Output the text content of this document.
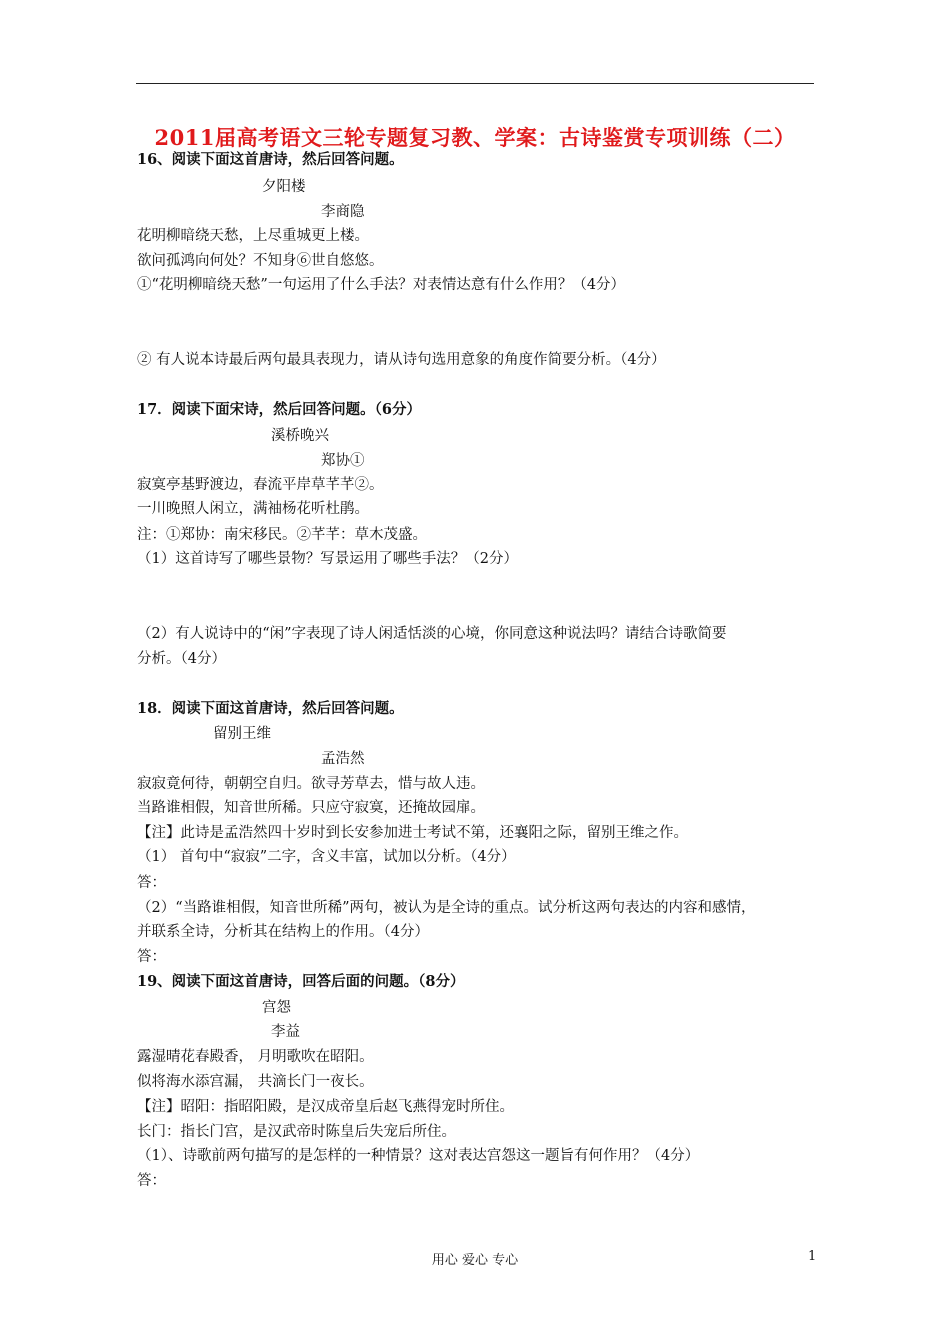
2011届高考语文三轮专题复习教、学案：古诗鉴赏专项训练（二）
16、阅读下面这首唐诗，然后回答问题。
夕阳楼
李商隐
花明柳暗绕天愁，上尽重城更上楼。
欲问孤鸿向何处？不知身⑥世自悠悠。
①“花明柳暗绕天愁”一句运用了什么手法？对表情达意有什么作用？（4分）
② 有人说本诗最后两句最具表现力，请从诗句选用意象的角度作简要分析。（4分）
17．阅读下面宋诗，然后回答问题。（6分）
溪桥晚兴
郑协①
寂寞亭基野渡边，春流平岸草芊芊②。
一川晚照人闲立，满袖杨花听杜鹃。
注：①郑协：南宋移民。②芊芊：草木茂盛。
（1）这首诗写了哪些景物？写景运用了哪些手法？（2分）
（2）有人说诗中的“闲”字表现了诗人闲适恬淡的心境，你同意这种说法吗？请结合诗歌简要
分析。（4分）
18．阅读下面这首唐诗，然后回答问题。
留别王维
孟浩然
寂寂竟何待，朝朝空自归。欲寻芳草去，惜与故人违。
当路谁相假，知音世所稀。只应守寂寞，还掩故园扉。
【注】此诗是孟浩然四十岁时到长安参加进士考试不第，还襄阳之际，留别王维之作。
（1） 首句中“寂寂”二字，含义丰富，试加以分析。（4分）
答：
（2）“当路谁相假，知音世所稀”两句，被认为是全诗的重点。试分析这两句表达的内容和感情，
并联系全诗，分析其在结构上的作用。（4分）
答：
19、阅读下面这首唐诗，回答后面的问题。（8分）
宫怨
李益
露湿晴花春殿香， 月明歌吹在昭阳。
似将海水添宫漏， 共滴长门一夜长。
【注】昭阳：指昭阳殿，是汉成帝皇后赵飞燕得宠时所住。
长门：指长门宫，是汉武帝时陈皇后失宠后所住。
（1）、诗歌前两句描写的是怎样的一种情景？这对表达宫怨这一题旨有何作用？（4分）
答：
用心 爱心 专心	1
